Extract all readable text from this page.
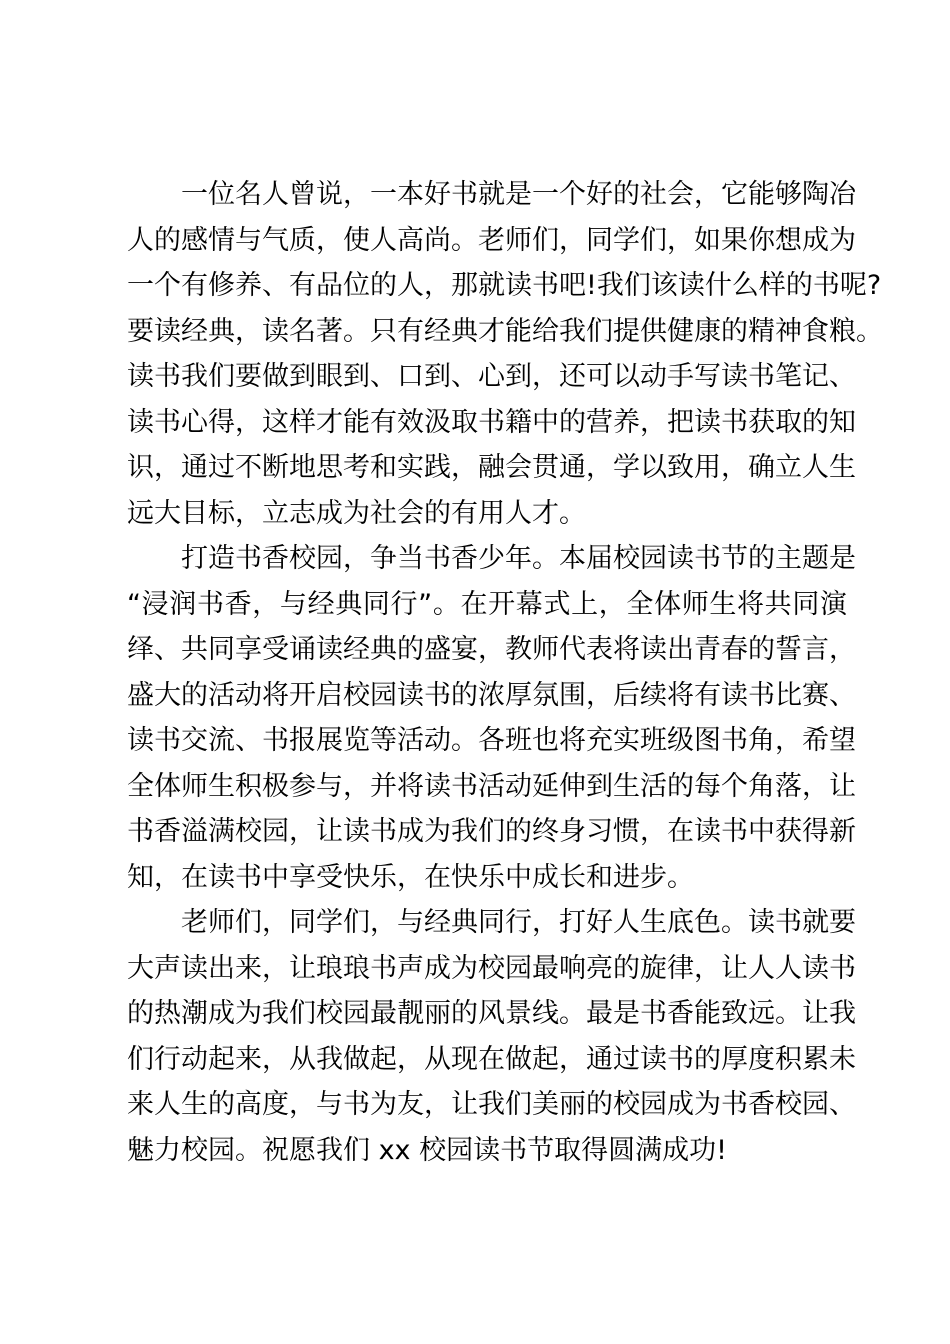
一位名人曾说，一本好书就是一个好的社会，它能够陶冶
人的感情与气质，使人高尚。老师们，同学们，如果你想成为
一个有修养、有品位的人，那就读书吧!我们该读什么样的书呢?
要读经典，读名著。只有经典才能给我们提供健康的精神食粮。
读书我们要做到眼到、口到、心到，还可以动手写读书笔记、
读书心得，这样才能有效汲取书籍中的营养，把读书获取的知
识，通过不断地思考和实践，融会贯通，学以致用，确立人生
远大目标，立志成为社会的有用人才。
打造书香校园，争当书香少年。本届校园读书节的主题是
“浸润书香，与经典同行”。在开幕式上，全体师生将共同演
绎、共同享受诵读经典的盛宴，教师代表将读出青春的誓言，
盛大的活动将开启校园读书的浓厚氛围，后续将有读书比赛、
读书交流、书报展览等活动。各班也将充实班级图书角，希望
全体师生积极参与，并将读书活动延伸到生活的每个角落，让
书香溢满校园，让读书成为我们的终身习惯，在读书中获得新
知，在读书中享受快乐，在快乐中成长和进步。
老师们，同学们，与经典同行，打好人生底色。读书就要
大声读出来，让琅琅书声成为校园最响亮的旋律，让人人读书
的热潮成为我们校园最靓丽的风景线。最是书香能致远。让我
们行动起来，从我做起，从现在做起，通过读书的厚度积累未
来人生的高度，与书为友，让我们美丽的校园成为书香校园、
魅力校园。祝愿我们 xx 校园读书节取得圆满成功!
